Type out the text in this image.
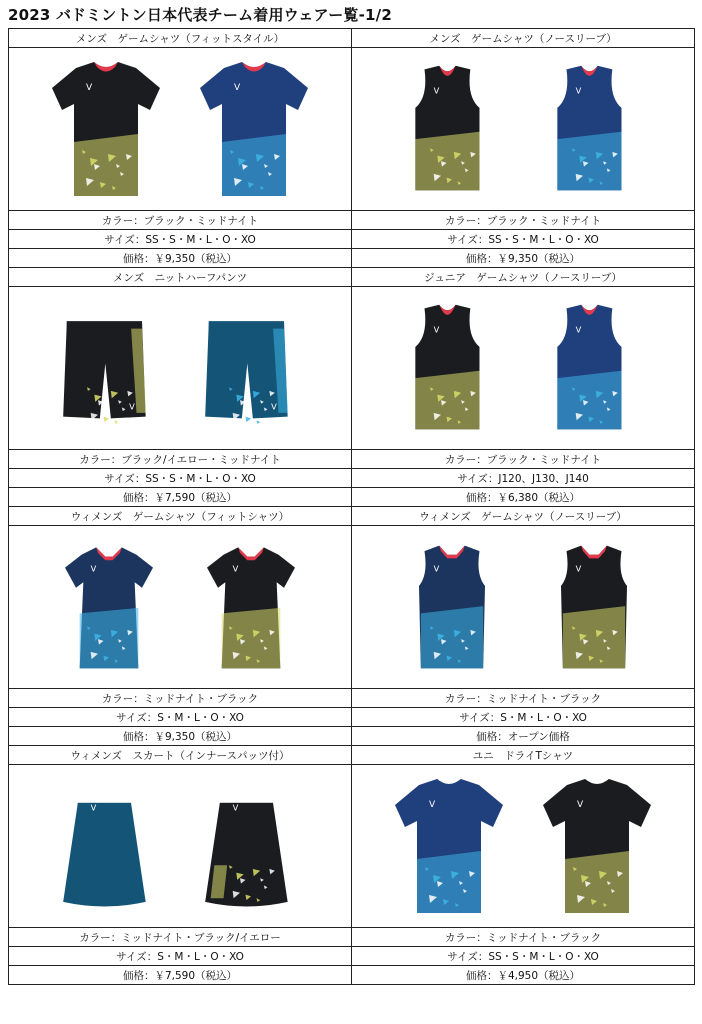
2023 バドミントン日本代表チーム着用ウェアー覧-1/2
メンズ　ゲームシャツ（フィットスタイル）	メンズ　ゲームシャツ（ノースリーブ）
Ⅴ	Ⅴ	Ⅴ	Ⅴ
カラー：ブラック・ミッドナイト	カラー：ブラック・ミッドナイト
サイズ：SS・S・M・L・O・XO	サイズ：SS・S・M・L・O・XO
価格：￥9,350（税込）	価格：￥9,350（税込）
メンズ　ニットハーフパンツ	ジュニア　ゲームシャツ（ノースリーブ）
Ⅴ	Ⅴ
Ⅴ	Ⅴ
カラー：ブラック/イエロー・ミッドナイト	カラー：ブラック・ミッドナイト
サイズ：SS・S・M・L・O・XO	サイズ：J120、J130、J140
価格：￥7,590（税込）	価格：￥6,380（税込）
ウィメンズ　ゲームシャツ（フィットシャツ）	ウィメンズ　ゲームシャツ（ノースリーブ）
Ⅴ	Ⅴ	Ⅴ	Ⅴ
カラー：ミッドナイト・ブラック	カラー：ミッドナイト・ブラック
サイズ：S・M・L・O・XO	サイズ：S・M・L・O・XO
価格：￥9,350（税込）	価格：オープン価格
ウィメンズ　スカート（インナースパッツ付）	ユニ　ドライTシャツ
Ⅴ	Ⅴ	Ⅴ	Ⅴ
カラー：ミッドナイト・ブラック/イエロー	カラー：ミッドナイト・ブラック
サイズ：S・M・L・O・XO	サイズ：SS・S・M・L・O・XO
価格：￥7,590（税込）	価格：￥4,950（税込）
